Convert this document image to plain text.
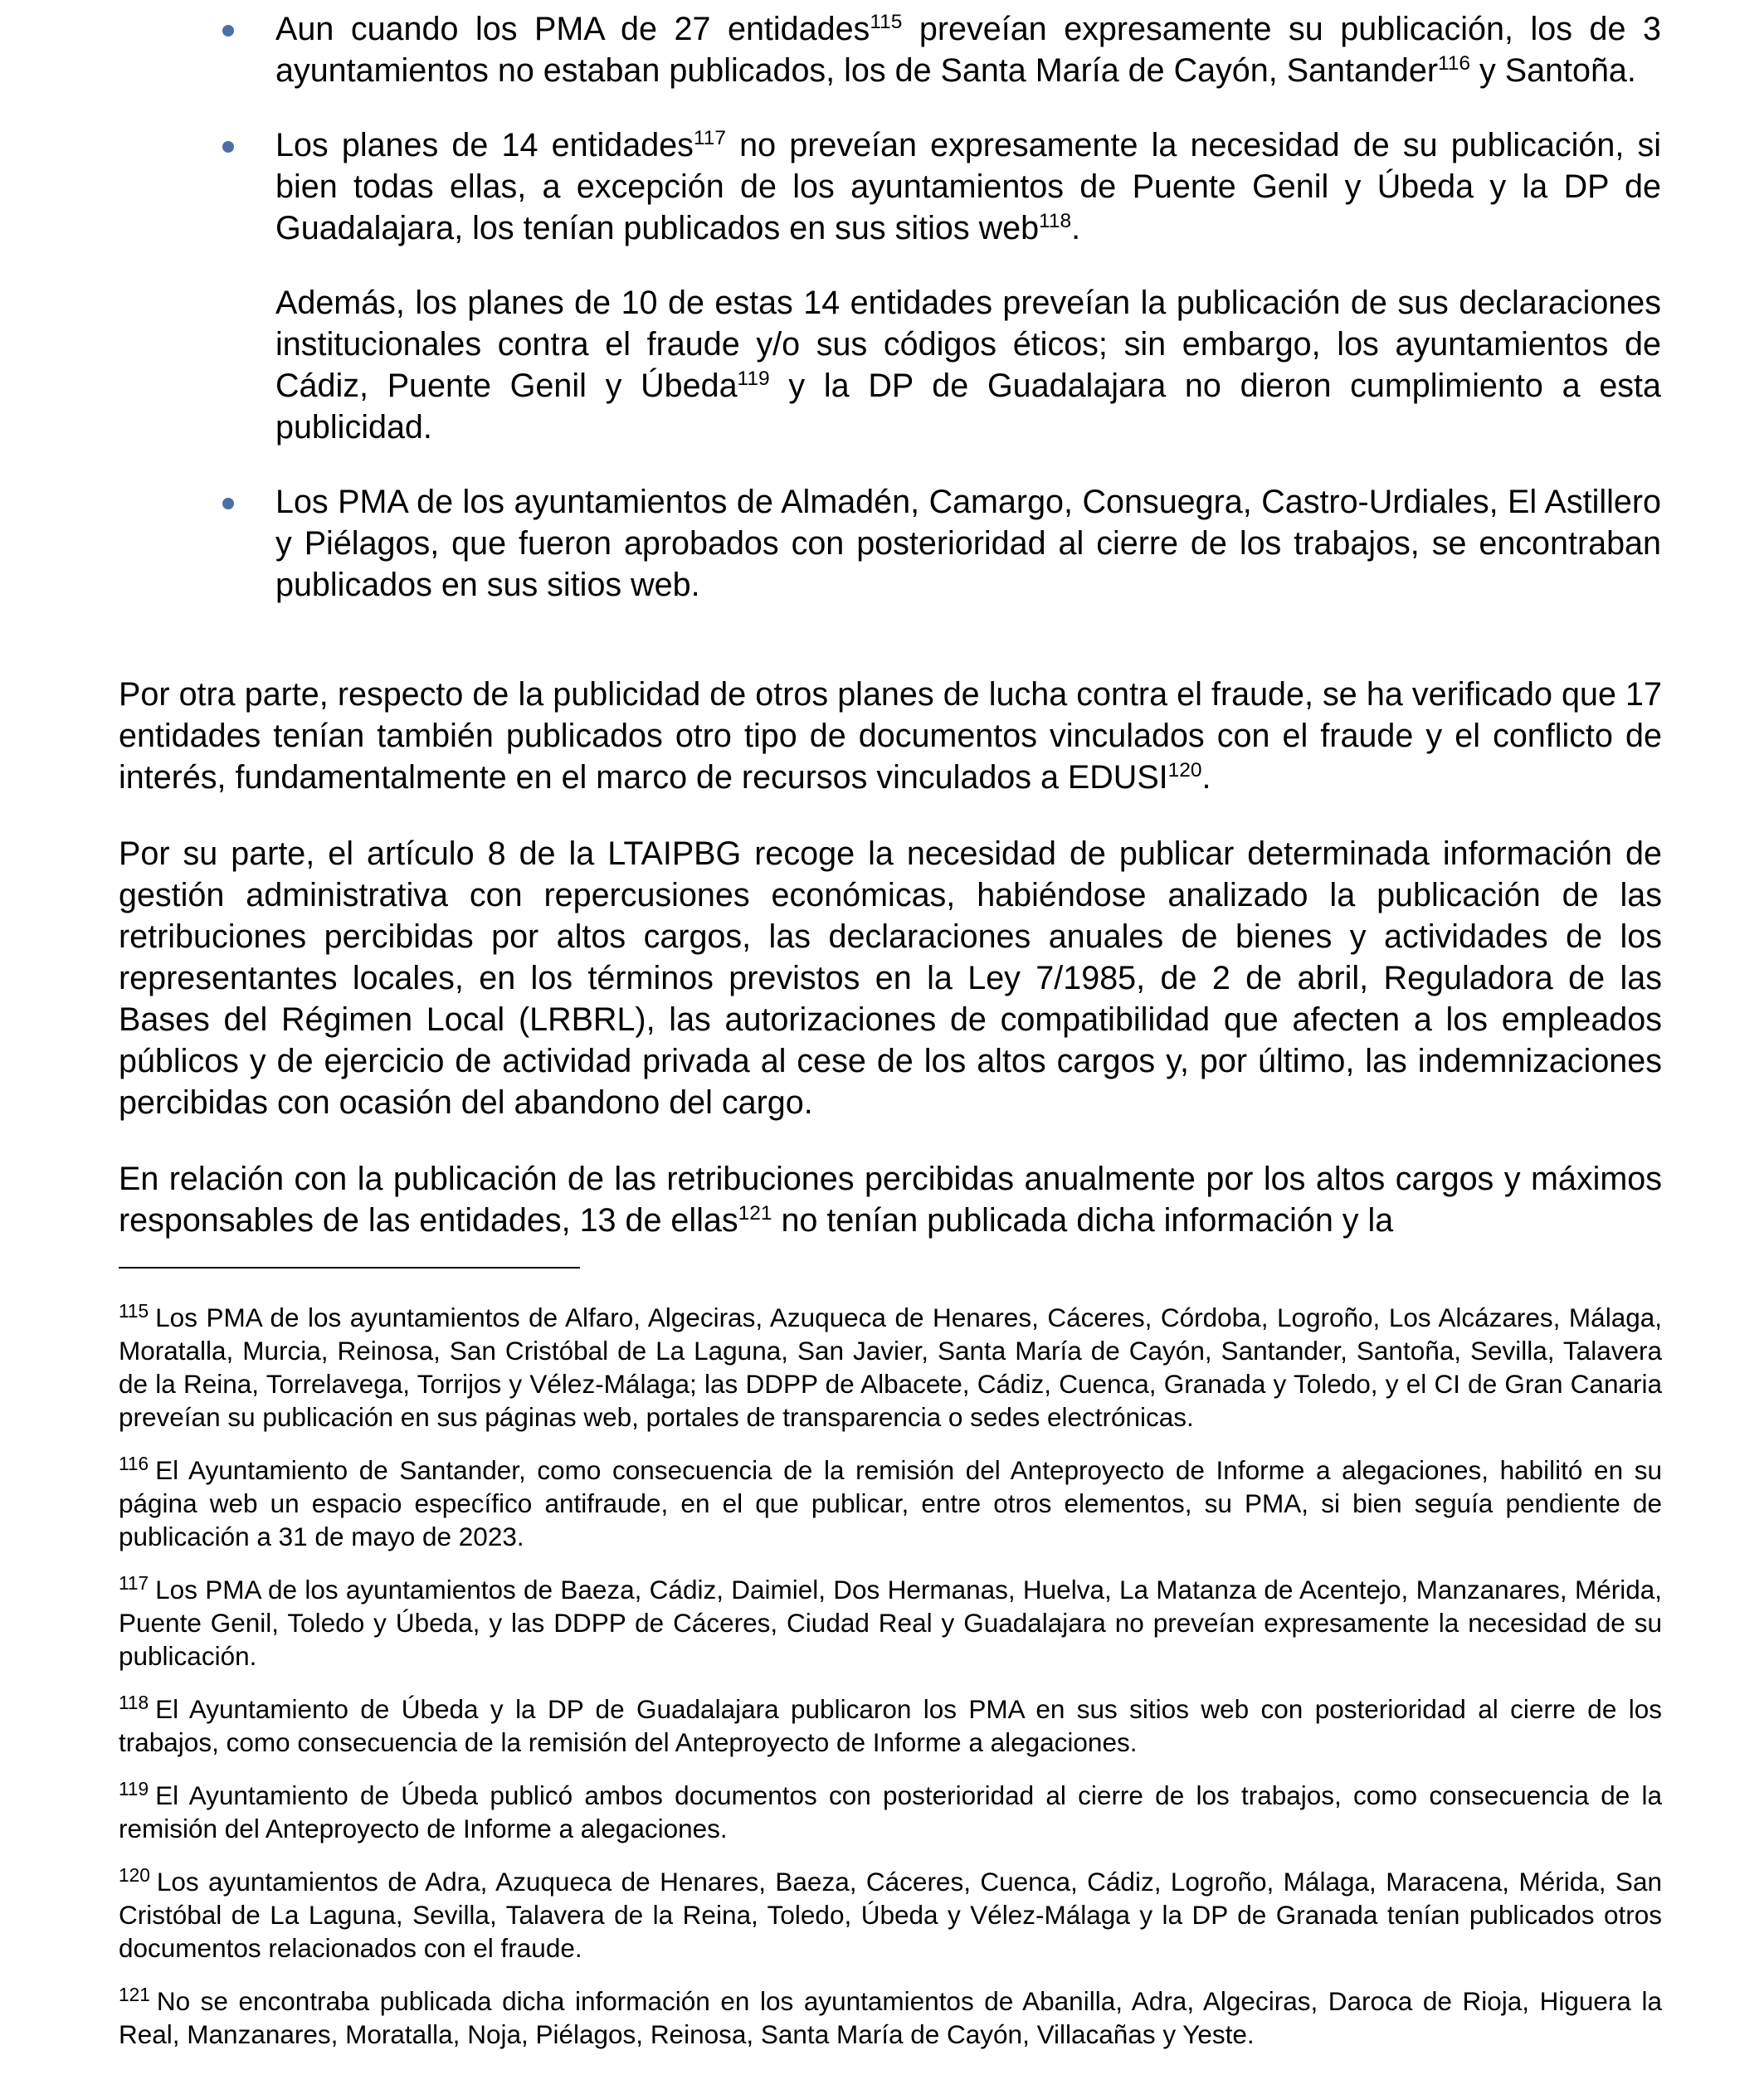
Aun cuando los PMA de 27 entidades$^{115}$ preveían expresamente su publicación, los de 3 ayuntamientos no estaban publicados, los de Santa María de Cayón, Santander$^{116}$ y Santoña.

Los planes de 14 entidades$^{117}$ no preveían expresamente la necesidad de su publicación, si bien todas ellas, a excepción de los ayuntamientos de Puente Genil y Úbeda y la DP de Guadalajara, los tenían publicados en sus sitios web$^{118}$.

Además, los planes de 10 de estas 14 entidades preveían la publicación de sus declaraciones institucionales contra el fraude y/o sus códigos éticos; sin embargo, los ayuntamientos de Cádiz, Puente Genil y Úbeda$^{119}$ y la DP de Guadalajara no dieron cumplimiento a esta publicidad.

Los PMA de los ayuntamientos de Almadén, Camargo, Consuegra, Castro-Urdiales, El Astillero y Piélagos, que fueron aprobados con posterioridad al cierre de los trabajos, se encontraban publicados en sus sitios web.

Por otra parte, respecto de la publicidad de otros planes de lucha contra el fraude, se ha verificado que 17 entidades tenían también publicados otro tipo de documentos vinculados con el fraude y el conflicto de interés, fundamentalmente en el marco de recursos vinculados a EDUSI$^{120}$.

Por su parte, el artículo 8 de la LTAIPBG recoge la necesidad de publicar determinada información de gestión administrativa con repercusiones económicas, habiéndose analizado la publicación de las retribuciones percibidas por altos cargos, las declaraciones anuales de bienes y actividades de los representantes locales, en los términos previstos en la Ley 7/1985, de 2 de abril, Reguladora de las Bases del Régimen Local (LRBRL), las autorizaciones de compatibilidad que afecten a los empleados públicos y de ejercicio de actividad privada al cese de los altos cargos y, por último, las indemnizaciones percibidas con ocasión del abandono del cargo.

En relación con la publicación de las retribuciones percibidas anualmente por los altos cargos y máximos responsables de las entidades, 13 de ellas$^{121}$ no tenían publicada dicha información y la

$^{115}$ Los PMA de los ayuntamientos de Alfaro, Algeciras, Azuqueca de Henares, Cáceres, Córdoba, Logroño, Los Alcázares, Málaga, Moratalla, Murcia, Reinosa, San Cristóbal de La Laguna, San Javier, Santa María de Cayón, Santander, Santoña, Sevilla, Talavera de la Reina, Torrelavega, Torrijos y Vélez-Málaga; las DDPP de Albacete, Cádiz, Cuenca, Granada y Toledo, y el CI de Gran Canaria preveían su publicación en sus páginas web, portales de transparencia o sedes electrónicas.

$^{116}$ El Ayuntamiento de Santander, como consecuencia de la remisión del Anteproyecto de Informe a alegaciones, habilitó en su página web un espacio específico antifraude, en el que publicar, entre otros elementos, su PMA, si bien seguía pendiente de publicación a 31 de mayo de 2023.

$^{117}$ Los PMA de los ayuntamientos de Baeza, Cádiz, Daimiel, Dos Hermanas, Huelva, La Matanza de Acentejo, Manzanares, Mérida, Puente Genil, Toledo y Úbeda, y las DDPP de Cáceres, Ciudad Real y Guadalajara no preveían expresamente la necesidad de su publicación.

$^{118}$ El Ayuntamiento de Úbeda y la DP de Guadalajara publicaron los PMA en sus sitios web con posterioridad al cierre de los trabajos, como consecuencia de la remisión del Anteproyecto de Informe a alegaciones.

$^{119}$ El Ayuntamiento de Úbeda publicó ambos documentos con posterioridad al cierre de los trabajos, como consecuencia de la remisión del Anteproyecto de Informe a alegaciones.

$^{120}$ Los ayuntamientos de Adra, Azuqueca de Henares, Baeza, Cáceres, Cuenca, Cádiz, Logroño, Málaga, Maracena, Mérida, San Cristóbal de La Laguna, Sevilla, Talavera de la Reina, Toledo, Úbeda y Vélez-Málaga y la DP de Granada tenían publicados otros documentos relacionados con el fraude.

$^{121}$ No se encontraba publicada dicha información en los ayuntamientos de Abanilla, Adra, Algeciras, Daroca de Rioja, Higuera la Real, Manzanares, Moratalla, Noja, Piélagos, Reinosa, Santa María de Cayón, Villacañas y Yeste.
